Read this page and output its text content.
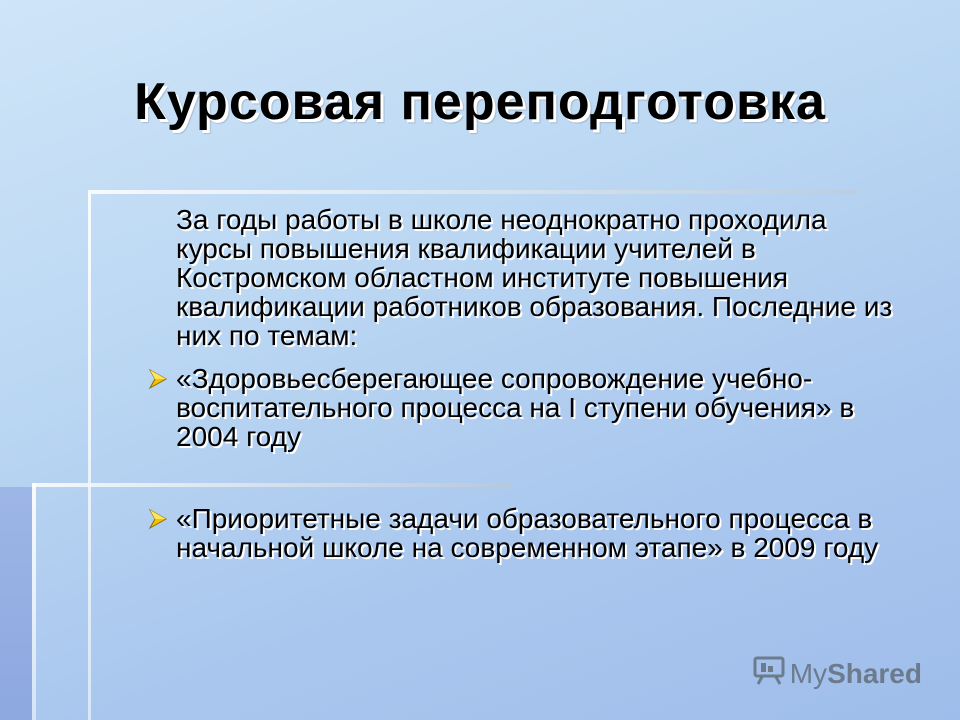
Курсовая переподготовка

За годы работы в школе неоднократно проходила курсы повышения квалификации учителей в Костромском областном институте повышения квалификации работников образования. Последние из них по темам:

«Здоровьесберегающее сопровождение учебно-воспитательного процесса на I ступени обучения» в 2004 году
«Приоритетные задачи образовательного процесса в начальной школе на современном этапе» в 2009 году
My Shared
